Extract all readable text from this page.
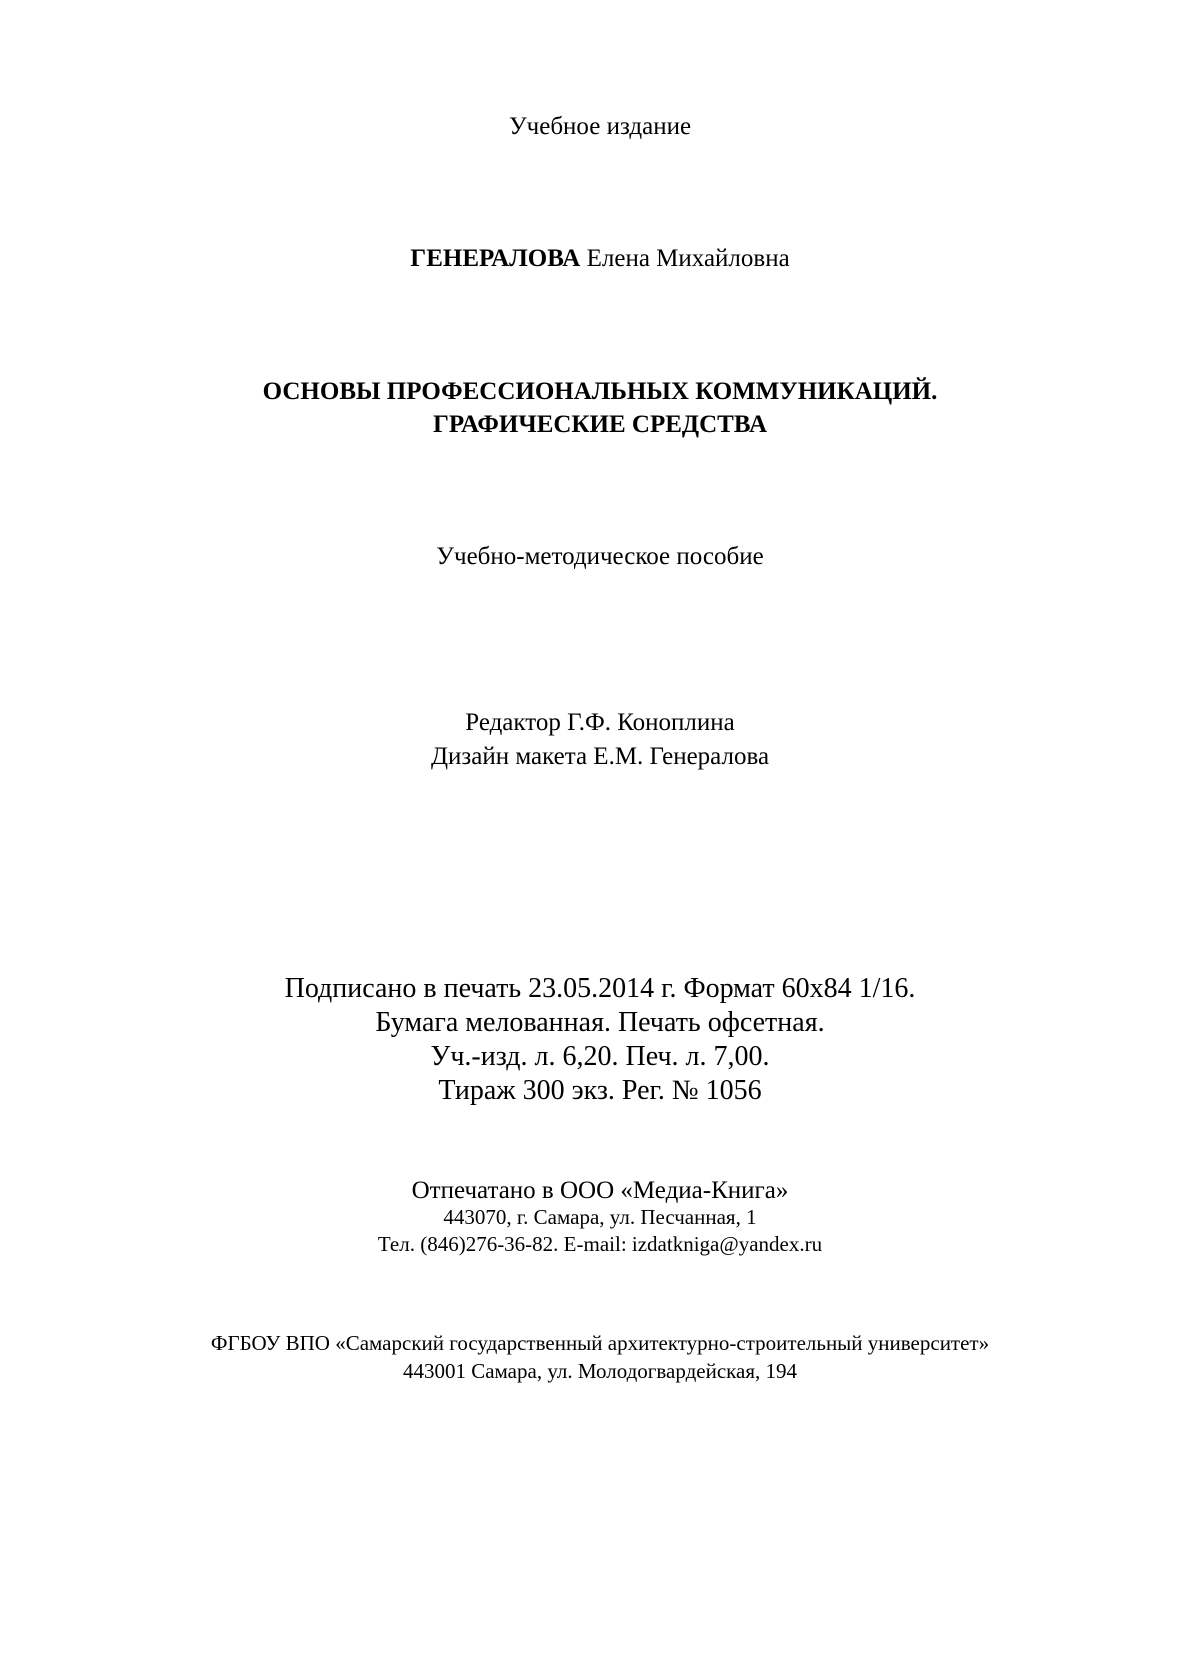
Учебное издание

ГЕНЕРАЛОВА Елена Михайловна

ОСНОВЫ ПРОФЕССИОНАЛЬНЫХ КОММУНИКАЦИЙ.

ГРАФИЧЕСКИЕ СРЕДСТВА

Учебно-методическое пособие

Редактор Г.Ф. Коноплина

Дизайн макета Е.М. Генералова

Подписано в печать 23.05.2014 г. Формат 60х84 1/16.

Бумага мелованная. Печать офсетная.

Уч.-изд. л. 6,20. Печ. л. 7,00.

Тираж 300 экз. Рег. № 1056

Отпечатано в ООО «Медиа-Книга»

443070, г. Самара, ул. Песчанная, 1

Тел. (846)276-36-82. E-mail: izdatkniga@yandex.ru

ФГБОУ ВПО «Самарский государственный архитектурно-строительный университет»

443001 Самара, ул. Молодогвардейская, 194
